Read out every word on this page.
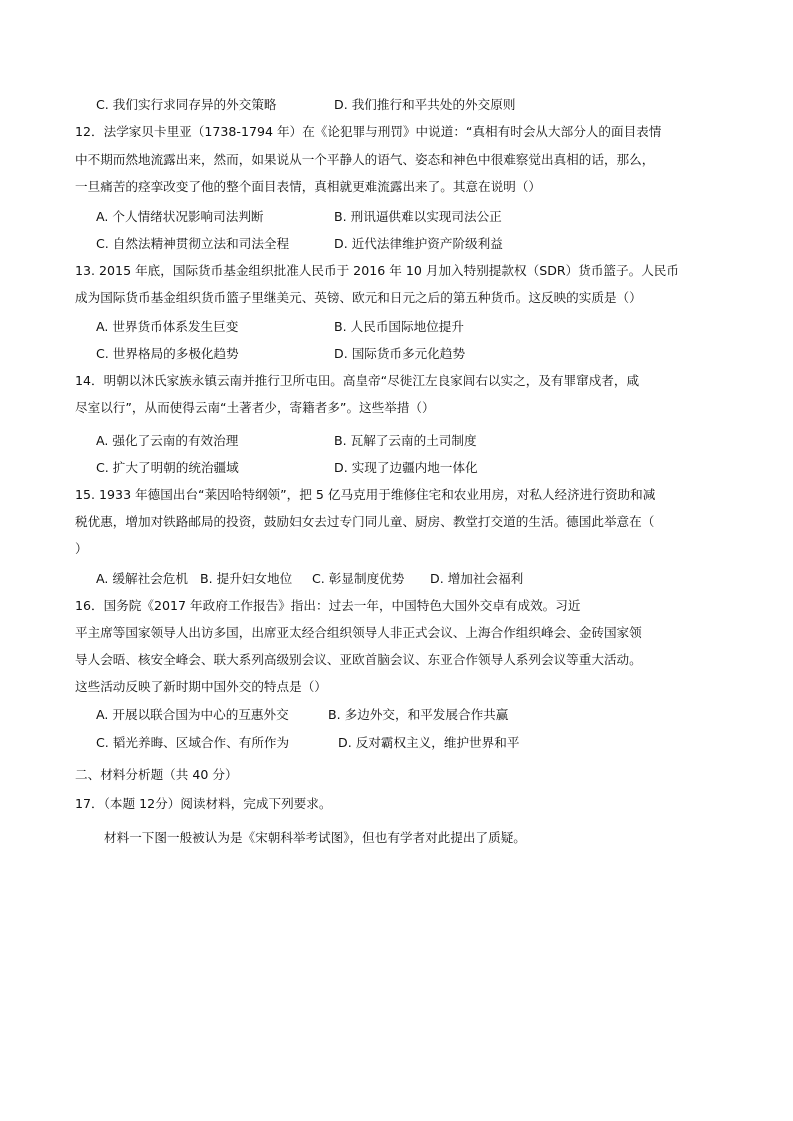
C. 我们实行求同存异的外交策略	D. 我们推行和平共处的外交原则
12．法学家贝卡里亚（1738-1794 年）在《论犯罪与刑罚》中说道：“真相有时会从大部分人的面目表情
中不期而然地流露出来，然而，如果说从一个平静人的语气、姿态和神色中很难察觉出真相的话，那么，
一旦痛苦的痉挛改变了他的整个面目表情，真相就更难流露出来了。其意在说明（）
A. 个人情绪状况影响司法判断	B. 刑讯逼供难以实现司法公正
C. 自然法精神贯彻立法和司法全程	D. 近代法律维护资产阶级利益
13. 2015 年底，国际货币基金组织批准人民币于 2016 年 10 月加入特别提款权（SDR）货币篮子。人民币
成为国际货币基金组织货币篮子里继美元、英镑、欧元和日元之后的第五种货币。这反映的实质是（）
A. 世界货币体系发生巨变	B. 人民币国际地位提升
C. 世界格局的多极化趋势	D. 国际货币多元化趋势
14．明朝以沐氏家族永镇云南并推行卫所屯田。高皇帝“尽徙江左良家闾右以实之，及有罪窜戍者，咸
尽室以行”，从而使得云南“土著者少，寄籍者多”。这些举措（）
A. 强化了云南的有效治理	B. 瓦解了云南的土司制度
C. 扩大了明朝的统治疆域	D. 实现了边疆内地一体化
15. 1933 年德国出台“莱因哈特纲领”，把 5 亿马克用于维修住宅和农业用房，对私人经济进行资助和减
税优惠，增加对铁路邮局的投资，鼓励妇女去过专门同儿童、厨房、教堂打交道的生活。德国此举意在（
）
A. 缓解社会危机 B. 提升妇女地位 C. 彰显制度优势 D. 增加社会福利
16．国务院《2017 年政府工作报告》指出：过去一年，中国特色大国外交卓有成效。习近
平主席等国家领导人出访多国，出席亚太经合组织领导人非正式会议、上海合作组织峰会、金砖国家领
导人会晤、核安全峰会、联大系列高级别会议、亚欧首脑会议、东亚合作领导人系列会议等重大活动。
这些活动反映了新时期中国外交的特点是（）
A. 开展以联合国为中心的互惠外交	B. 多边外交，和平发展合作共赢
C. 韬光养晦、区域合作、有所作为	D. 反对霸权主义，维护世界和平
二、材料分析题（共 40 分）
17．（本题 12分）阅读材料，完成下列要求。
材料一下图一般被认为是《宋朝科举考试图》，但也有学者对此提出了质疑。
